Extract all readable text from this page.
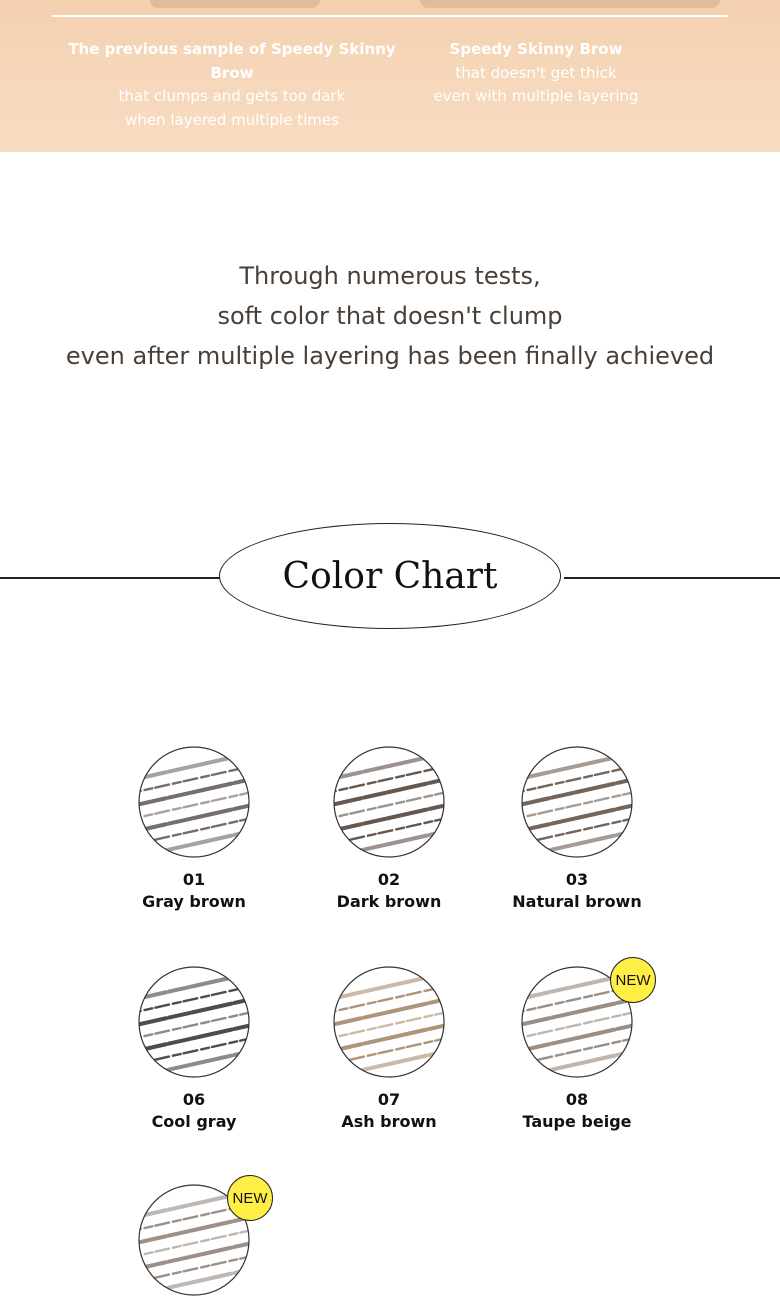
The previous sample of Speedy Skinny Brow
that clumps and gets too dark
when layered multiple times
Speedy Skinny Brow
that doesn't get thick
even with multiple layering
Through numerous tests,
soft color that doesn't clump
even after multiple layering has been finally achieved
Color Chart
01
Gray brown
02
Dark brown
03
Natural brown
06
Cool gray
07
Ash brown
08
Taupe beige
NEW
NEW
